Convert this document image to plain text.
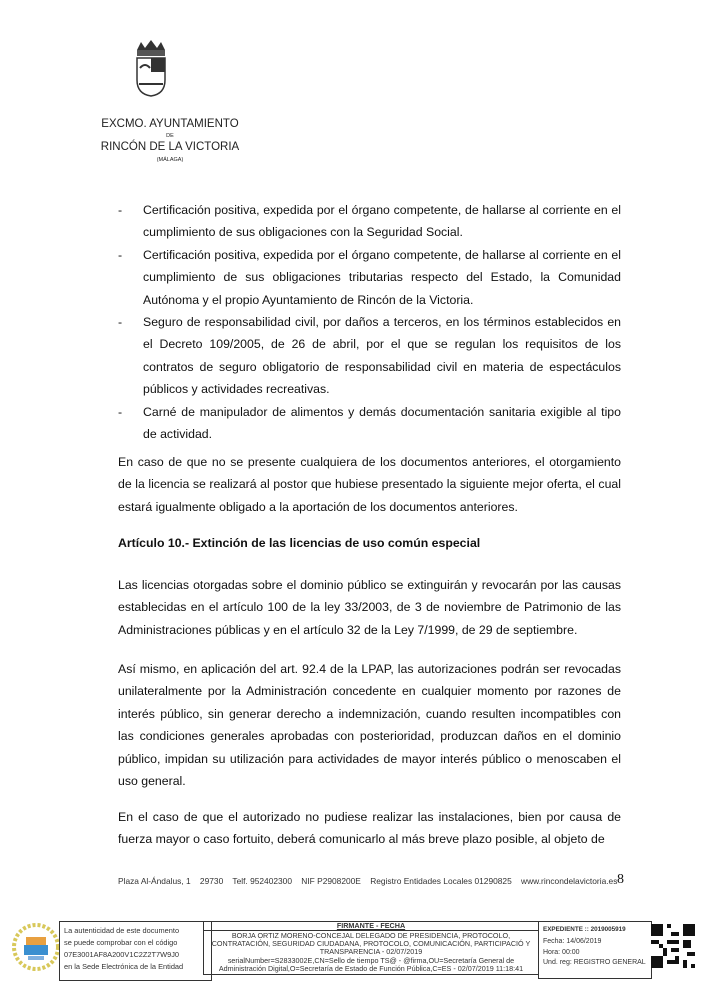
EXCMO. AYUNTAMIENTO
DE
RINCÓN DE LA VICTORIA
(MÁLAGA)
- Certificación positiva, expedida por el órgano competente, de hallarse al corriente en el cumplimiento de sus obligaciones con la Seguridad Social.
- Certificación positiva, expedida por el órgano competente, de hallarse al corriente en el cumplimiento de sus obligaciones tributarias respecto del Estado, la Comunidad Autónoma y el propio Ayuntamiento de Rincón de la Victoria.
- Seguro de responsabilidad civil, por daños a terceros, en los términos establecidos en el Decreto 109/2005, de 26 de abril, por el que se regulan los requisitos de los contratos de seguro obligatorio de responsabilidad civil en materia de espectáculos públicos y actividades recreativas.
- Carné de manipulador de alimentos y demás documentación sanitaria exigible al tipo de actividad.
En caso de que no se presente cualquiera de los documentos anteriores, el otorgamiento de la licencia se realizará al postor que hubiese presentado la siguiente mejor oferta, el cual estará igualmente obligado a la aportación de los documentos anteriores.
Artículo 10.- Extinción de las licencias de uso común especial
Las licencias otorgadas sobre el dominio público se extinguirán y revocarán por las causas establecidas en el artículo 100 de la ley 33/2003, de 3 de noviembre de Patrimonio de las Administraciones públicas y en el artículo 32 de la Ley 7/1999, de 29 de septiembre.
Así mismo, en aplicación del art. 92.4 de la LPAP, las autorizaciones podrán ser revocadas unilateralmente por la Administración concedente en cualquier momento por razones de interés público, sin generar derecho a indemnización, cuando resulten incompatibles con las condiciones generales aprobadas con posterioridad, produzcan daños en el dominio público, impidan su utilización para actividades de mayor interés público o menoscaben el uso general.
En el caso de que el autorizado no pudiese realizar las instalaciones, bien por causa de fuerza mayor o caso fortuito, deberá comunicarlo al más breve plazo posible, al objeto de
Plaza Al-Ándalus, 1    29730    Telf. 952402300    NIF P2908200E    Registro Entidades Locales 01290825    www.rincondelavictoria.es 8
La autenticidad de este documento
se puede comprobar con el código
07E3001AF8A200V1C2Z2T7W9J0
en la Sede Electrónica de la Entidad
FIRMANTE - FECHA
BORJA ORTIZ MORENO-CONCEJAL DELEGADO DE PRESIDENCIA, PROTOCOLO, CONTRATACIÓN, SEGURIDAD CIUDADANA, PROTOCOLO, COMUNICACIÓN, PARTICIPACIÓ Y TRANSPARENCIA - 02/07/2019
serialNumber=S2833002E,CN=Sello de tiempo TS@ - @firma,OU=Secretaría General de Administración Digital,O=Secretaría de Estado de Función Pública,C=ES - 02/07/2019 11:18:41
EXPEDIENTE :: 2019005919
Fecha: 14/06/2019
Hora: 00:00
Und. reg: REGISTRO GENERAL
